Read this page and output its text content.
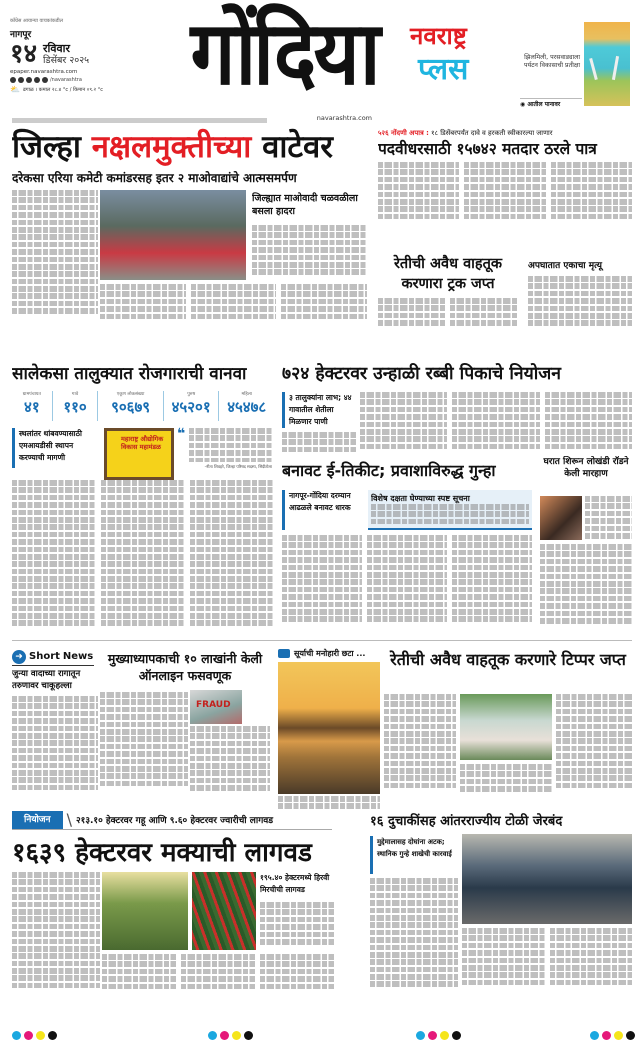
काँग्रेस आयान्या वाचकांकडील
नागपूर
१४ रविवार
डिसेंबर २०२५
epaper.navarashtra.com
/navarashtra
⛅ ढगाळ । कमाल २८.४ °c / किमान ०९.२ °c	गोंदिया	नवराष्ट्र
प्लस	झिलमिली, परसवाड्याला पर्यटन विकासाची प्रतीक्षा
◉ आतील पानावर
navarashtra.com
जिल्हा नक्षलमुक्तीच्या वाटेवर
दरेकसा एरिया कमेटी कमांडरसह इतर २ माओवाद्यांचे आत्मसमर्पण
जिल्ह्यात माओवादी चळवळीला बसला हादरा
५२६ नोंदणी अपात्र : १८ डिसेंबरपर्यंत दावे व हरकती स्वीकारल्या जाणार
पदवीधरसाठी १५७४२ मतदार ठरले पात्र
रेतीची अवैध वाहतूक करणारा ट्रक जप्त
अपघातात एकाचा मृत्यू
सालेकसा तालुक्यात रोजगाराची वानवा
ग्रामपंचायत
४१
गावे
११०
एकूण लोकसंख्या
९०६७९
पुरुष
४५२०१
महिला
४५४७८
स्थलांतर थांबवण्यासाठी एमआयडीसी स्थापन करण्याची मागणी
महाराष्ट्र औद्योगिक विकास महामंडळ
❝
-नीता शिवहरे, जिल्हा परिषद सदस्य, सिंदीटोला
७२४ हेक्टरवर उन्हाळी रब्बी पिकाचे नियोजन
३ तालुक्यांना लाभ; ४४ गावातील शेतीला मिळणार पाणी
बनावट ई-तिकीट; प्रवाशाविरुद्ध गुन्हा
नागपूर-गोंदिया दरम्यान आढळले बनावट धारक
विशेष दक्षता घेण्याच्या स्पष्ट सूचना
घरात शिरून लोखंडी रॉडने केली मारहाण
➜ Short News
जुन्या वादाच्या रागातून तरुणावर चाकूहल्ला
मुख्याध्यापकाची १० लाखांनी केली ऑनलाइन फसवणूक
FRAUD
सूर्याची मनोहारी छटा ...	रेतीची अवैध वाहतूक करणारे टिप्पर जप्त
नियोजन	\ २१३.१० हेक्टरवर गहू आणि ९.६० हेक्टरवर ज्वारीची लागवड
१६३९ हेक्टरवर मक्याची लागवड
१९५.४० हेक्टरमध्ये हिरवी मिरचीची लागवड
१६ दुचाकींसह आंतरराज्यीय टोळी जेरबंद
मुद्देमालासह दोघांना अटक; स्थानिक गुन्हे शाखेची कारवाई
